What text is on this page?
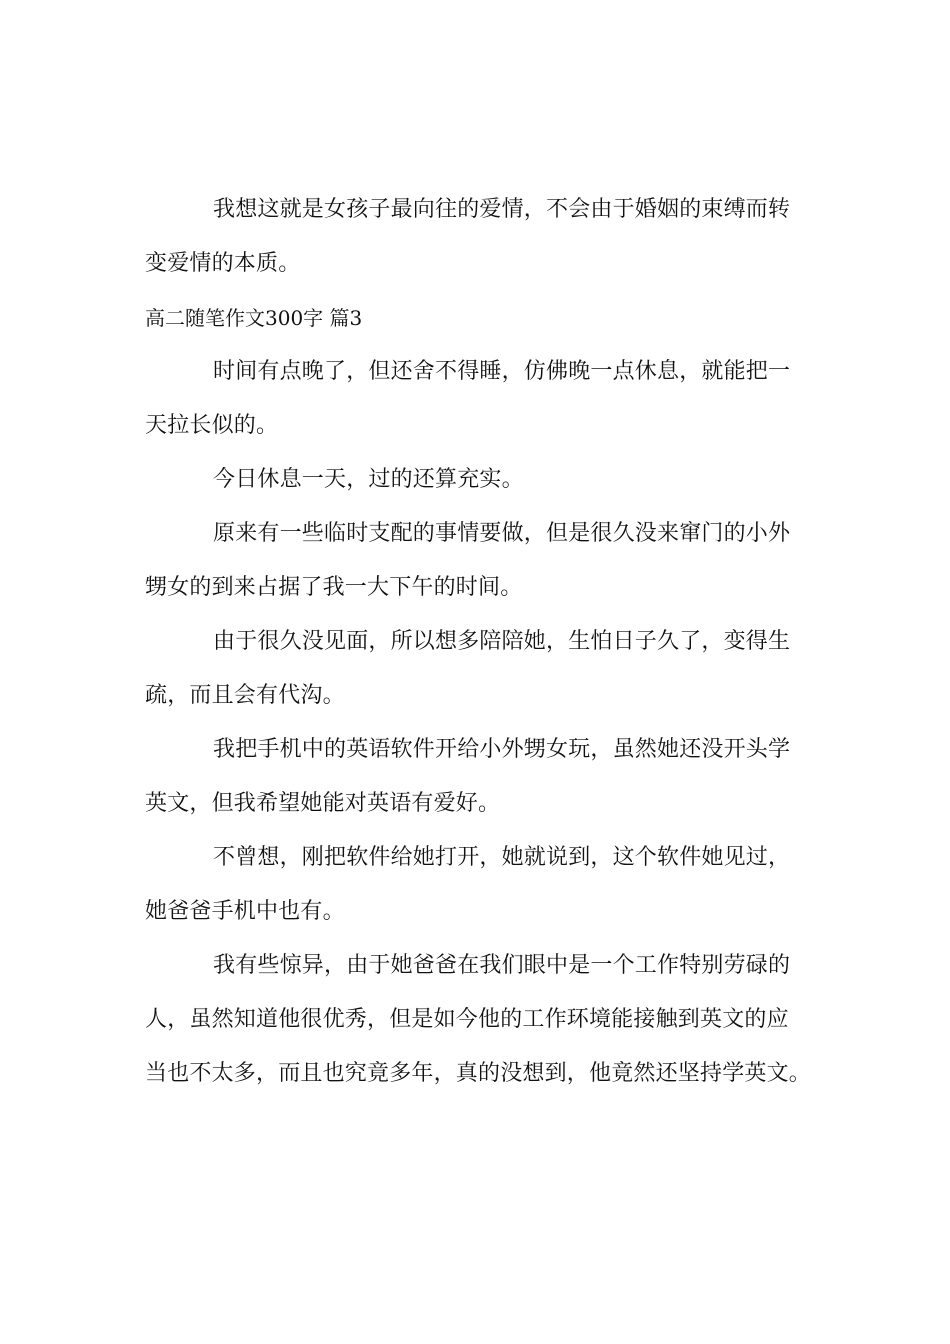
我想这就是女孩子最向往的爱情，不会由于婚姻的束缚而转
变爱情的本质。
高二随笔作文300字 篇3
时间有点晚了，但还舍不得睡，仿佛晚一点休息，就能把一
天拉长似的。
今日休息一天，过的还算充实。
原来有一些临时支配的事情要做，但是很久没来窜门的小外
甥女的到来占据了我一大下午的时间。
由于很久没见面，所以想多陪陪她，生怕日子久了，变得生
疏，而且会有代沟。
我把手机中的英语软件开给小外甥女玩，虽然她还没开头学
英文，但我希望她能对英语有爱好。
不曾想，刚把软件给她打开，她就说到，这个软件她见过，
她爸爸手机中也有。
我有些惊异，由于她爸爸在我们眼中是一个工作特别劳碌的
人，虽然知道他很优秀，但是如今他的工作环境能接触到英文的应
当也不太多，而且也究竟多年，真的没想到，他竟然还坚持学英文。
